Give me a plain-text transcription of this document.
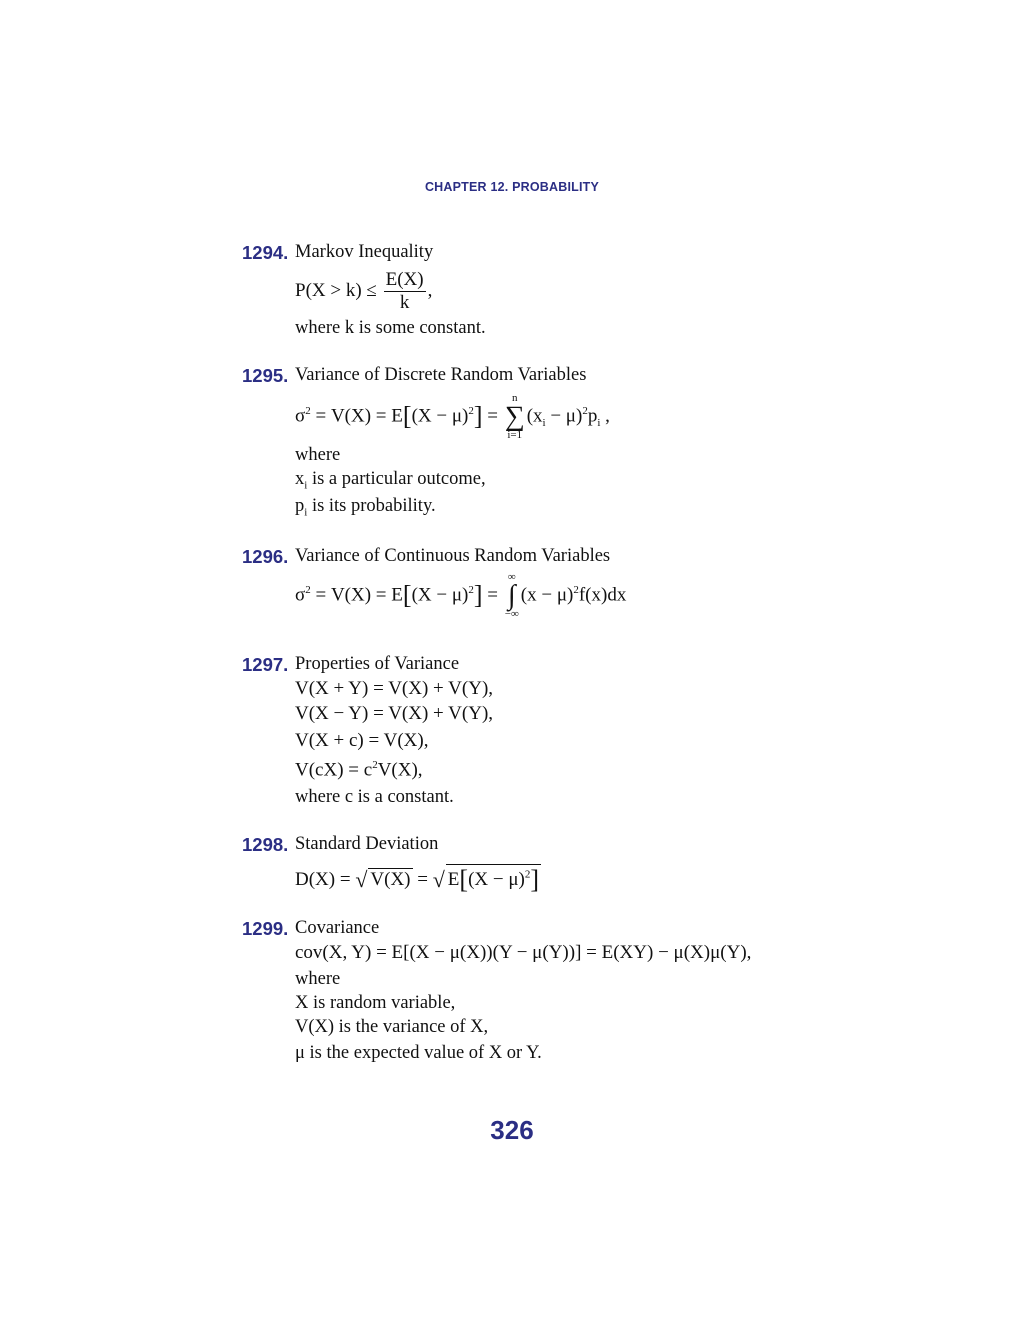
CHAPTER 12. PROBABILITY
1294. Markov Inequality
$P(X > k) \le \frac{E(X)}{k}$ ,
where k is some constant.
1295. Variance of Discrete Random Variables
$\sigma^2 = V(X) = E[(X - \mu)^2]$ =
n
∑
i=1
$(x_i - \mu)^2p_i$ ,
where
$x_i$ is a particular outcome,
$p_i$ is its probability.
1296. Variance of Continuous Random Variables
$\sigma^2 = V(X) = E[(X - \mu)^2]$ =
∞
∫
−∞
$(x - \mu)^2f(x)dx$
1297. Properties of Variance
V(X + Y) = V(X) + V(Y),
V(X − Y) = V(X) + V(Y),
V(X + c) = V(X),
$V(cX) = c^2V(X)$,
where c is a constant.
1298. Standard Deviation
D(X) = √ V(X) = √ $E[(X - \mu)^2]$
1299. Covariance
cov(X, Y) = E[(X − μ(X))(Y − μ(Y))] = E(XY) − μ(X)μ(Y),
where
X is random variable,
V(X) is the variance of X,
μ is the expected value of X or Y.
326
